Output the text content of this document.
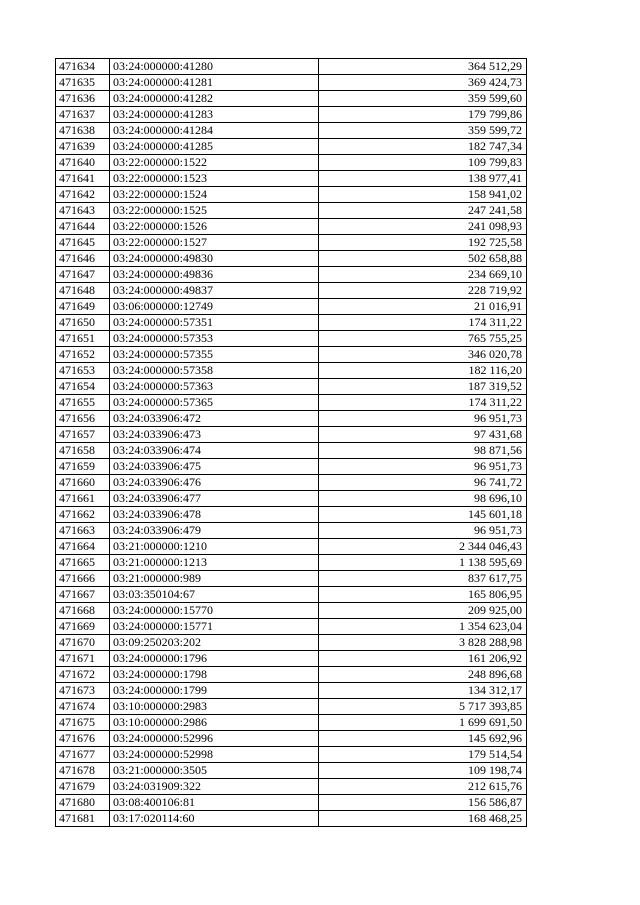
471634	03:24:000000:41280	364 512,29
471635	03:24:000000:41281	369 424,73
471636	03:24:000000:41282	359 599,60
471637	03:24:000000:41283	179 799,86
471638	03:24:000000:41284	359 599,72
471639	03:24:000000:41285	182 747,34
471640	03:22:000000:1522	109 799,83
471641	03:22:000000:1523	138 977,41
471642	03:22:000000:1524	158 941,02
471643	03:22:000000:1525	247 241,58
471644	03:22:000000:1526	241 098,93
471645	03:22:000000:1527	192 725,58
471646	03:24:000000:49830	502 658,88
471647	03:24:000000:49836	234 669,10
471648	03:24:000000:49837	228 719,92
471649	03:06:000000:12749	21 016,91
471650	03:24:000000:57351	174 311,22
471651	03:24:000000:57353	765 755,25
471652	03:24:000000:57355	346 020,78
471653	03:24:000000:57358	182 116,20
471654	03:24:000000:57363	187 319,52
471655	03:24:000000:57365	174 311,22
471656	03:24:033906:472	96 951,73
471657	03:24:033906:473	97 431,68
471658	03:24:033906:474	98 871,56
471659	03:24:033906:475	96 951,73
471660	03:24:033906:476	96 741,72
471661	03:24:033906:477	98 696,10
471662	03:24:033906:478	145 601,18
471663	03:24:033906:479	96 951,73
471664	03:21:000000:1210	2 344 046,43
471665	03:21:000000:1213	1 138 595,69
471666	03:21:000000:989	837 617,75
471667	03:03:350104:67	165 806,95
471668	03:24:000000:15770	209 925,00
471669	03:24:000000:15771	1 354 623,04
471670	03:09:250203:202	3 828 288,98
471671	03:24:000000:1796	161 206,92
471672	03:24:000000:1798	248 896,68
471673	03:24:000000:1799	134 312,17
471674	03:10:000000:2983	5 717 393,85
471675	03:10:000000:2986	1 699 691,50
471676	03:24:000000:52996	145 692,96
471677	03:24:000000:52998	179 514,54
471678	03:21:000000:3505	109 198,74
471679	03:24:031909:322	212 615,76
471680	03:08:400106:81	156 586,87
471681	03:17:020114:60	168 468,25
